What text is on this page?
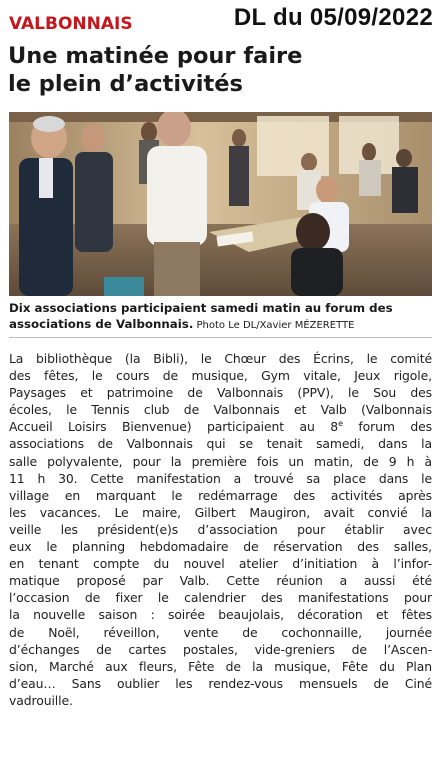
DL du 05/09/2022
VALBONNAIS
Une matinée pour faire
le plein d’activités
Dix associations participaient samedi matin au forum des
associations de Valbonnais. Photo Le DL/Xavier MÉZERETTE
La bibliothèque (la Bibli), le Chœur des Écrins, le comité
des fêtes, le cours de musique, Gym vitale, Jeux rigole,
Paysages et patrimoine de Valbonnais (PPV), le Sou des
écoles, le Tennis club de Valbonnais et Valb (Valbonnais
Accueil Loisirs Bienvenue) participaient au 8e forum des
associations de Valbonnais qui se tenait samedi, dans la
salle polyvalente, pour la première fois un matin, de 9 h à
11 h 30. Cette manifestation a trouvé sa place dans le
village en marquant le redémarrage des activités après
les vacances. Le maire, Gilbert Maugiron, avait convié la
veille les président(e)s d’association pour établir avec
eux le planning hebdomadaire de réservation des salles,
en tenant compte du nouvel atelier d’initiation à l’infor-
matique proposé par Valb. Cette réunion a aussi été
l’occasion de fixer le calendrier des manifestations pour
la nouvelle saison : soirée beaujolais, décoration et fêtes
de Noël, réveillon, vente de cochonnaille, journée
d’échanges de cartes postales, vide-greniers de l’Ascen-
sion, Marché aux fleurs, Fête de la musique, Fête du Plan
d’eau… Sans oublier les rendez-vous mensuels de Ciné
vadrouille.
